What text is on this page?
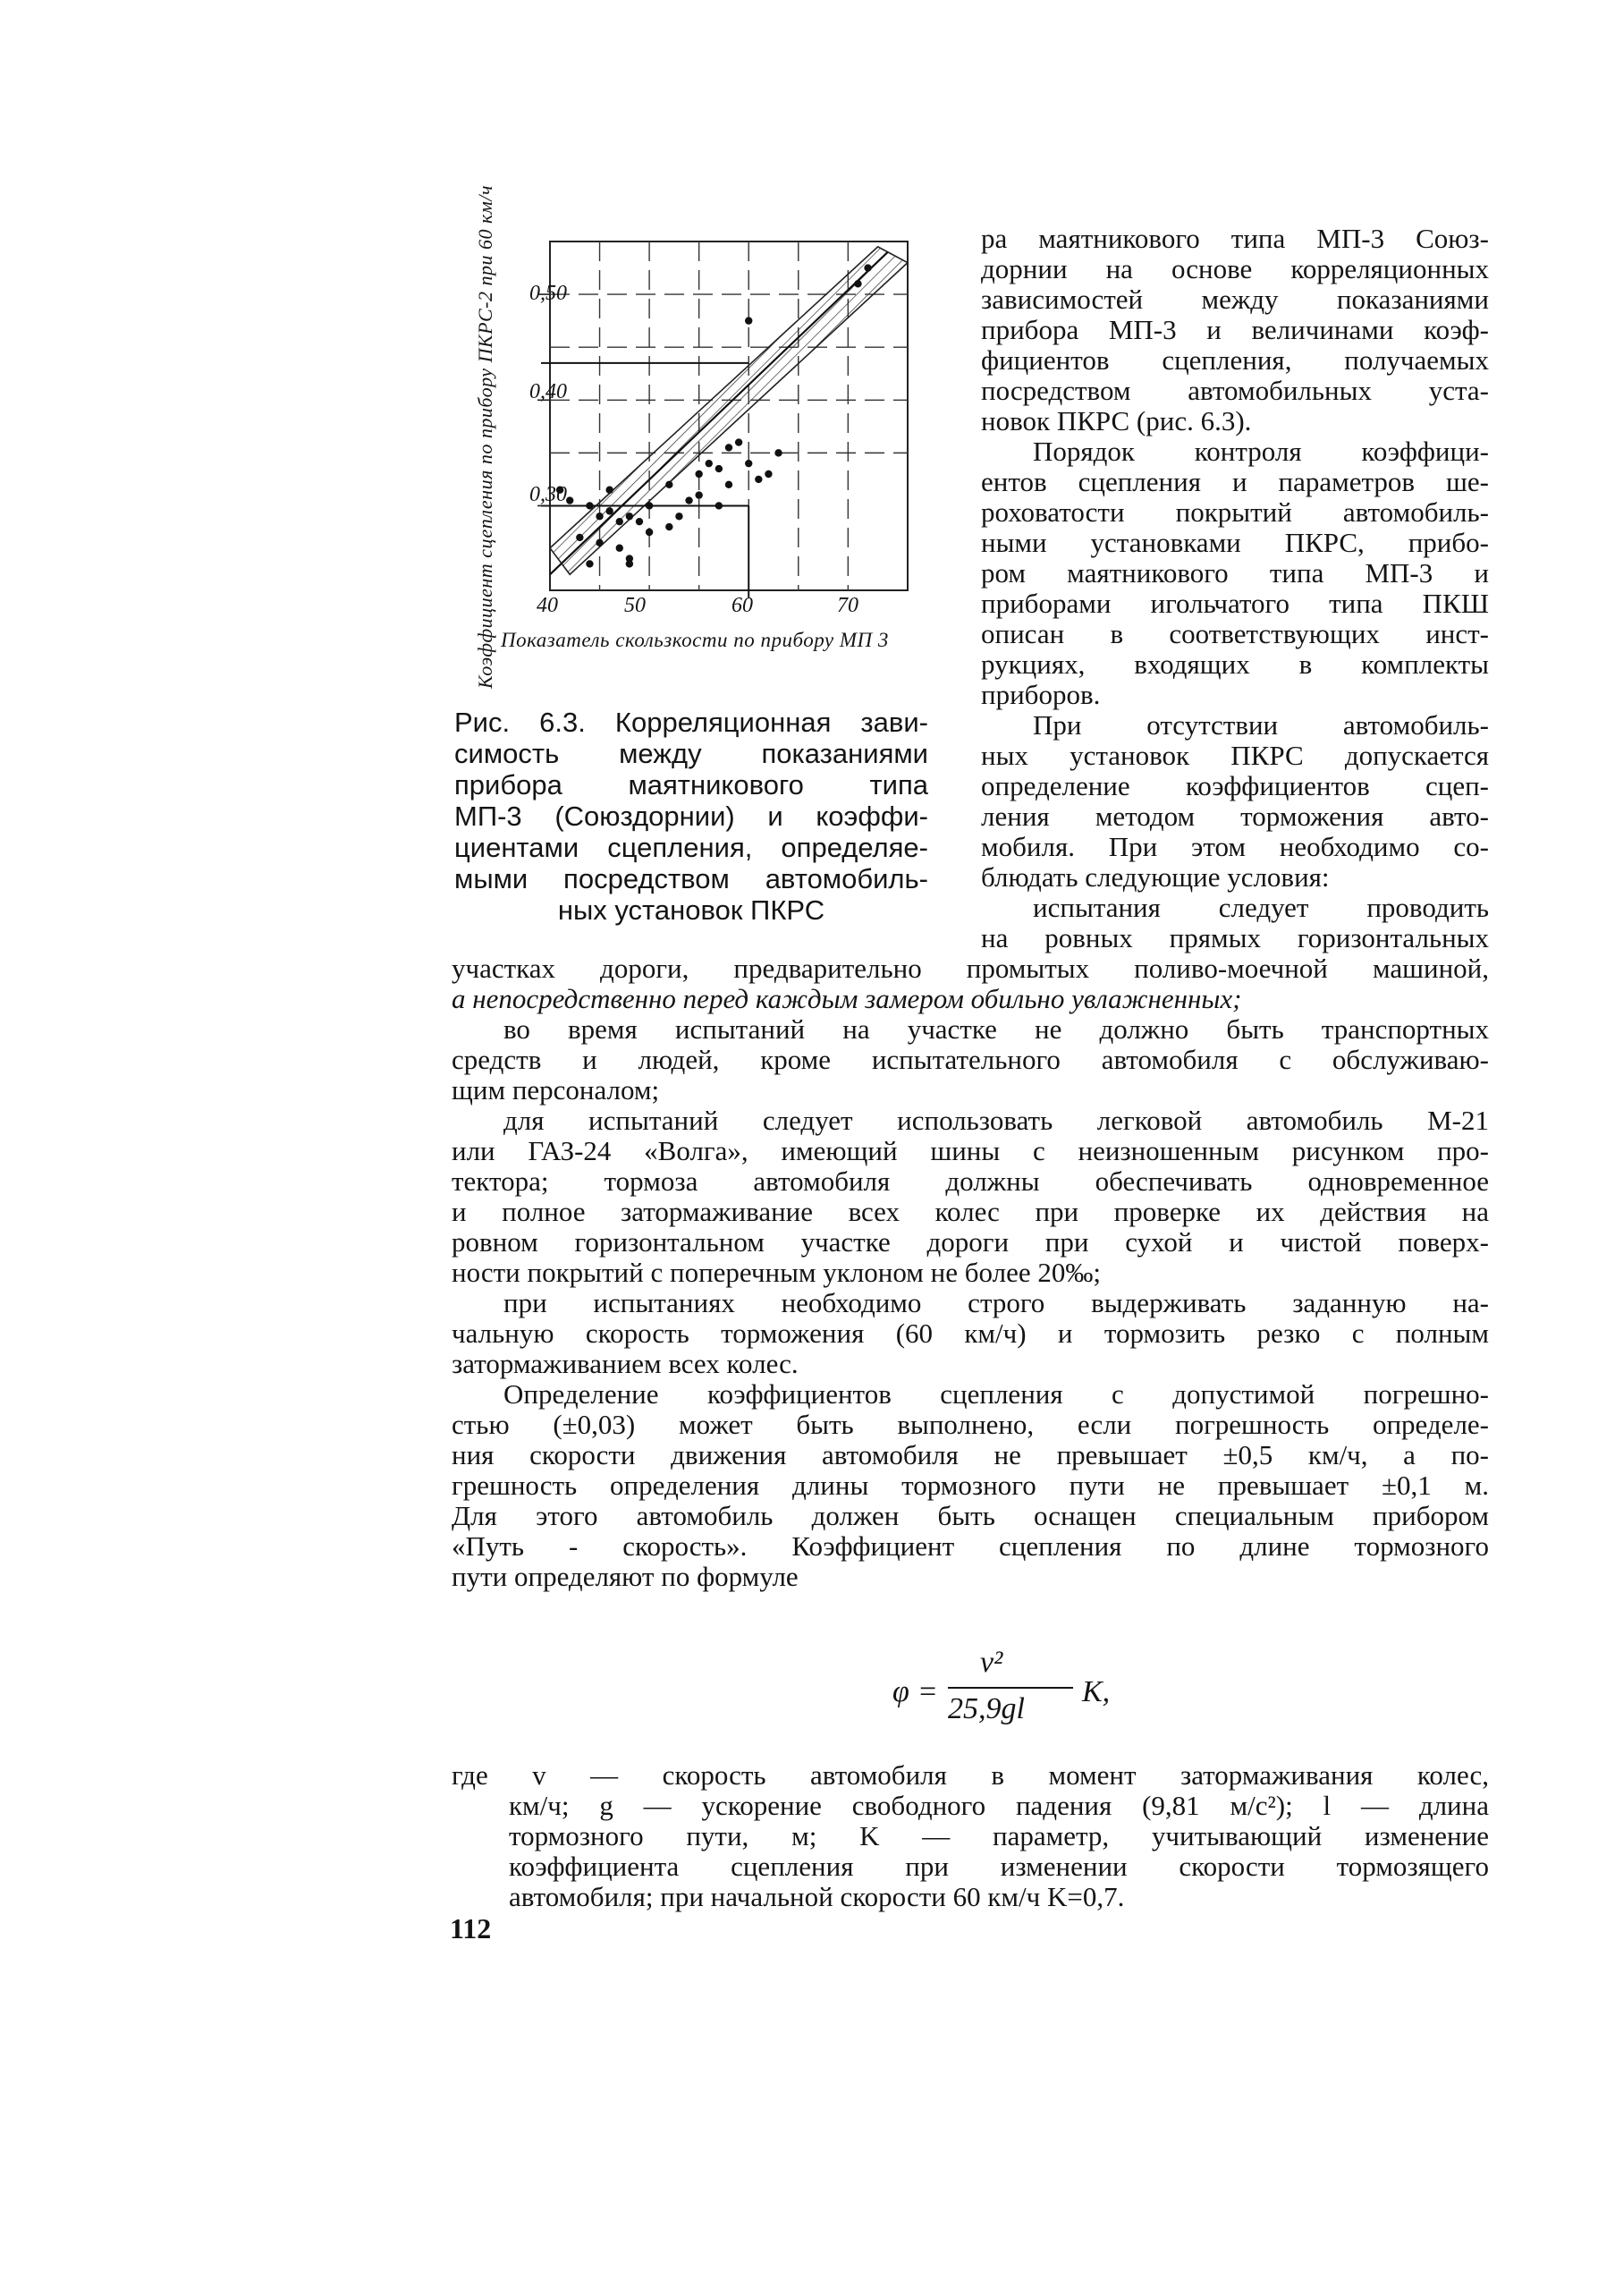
Коэффициент сцепления по прибору ПКРС-2 при 60 км/ч	0,50
0,40
0,30
40	50	60	70
Показатель скользкости по прибору МП 3
Рис. 6.3. Корреляционная зави-
симость между показаниями
прибора маятникового типа
МП-3 (Союздорнии) и коэффи-
циентами сцепления, определяе-
мыми посредством автомобиль-
ных установок ПКРС
ра маятникового типа МП-3 Союз-
дорнии на основе корреляционных
зависимостей между показаниями
прибора МП-3 и величинами коэф-
фициентов сцепления, получаемых
посредством автомобильных уста-
новок ПКРС (рис. 6.3).
Порядок контроля коэффици-
ентов сцепления и параметров ше-
роховатости покрытий автомобиль-
ными установками ПКРС, прибо-
ром маятникового типа МП-3 и
приборами игольчатого типа ПКШ
описан в соответствующих инст-
рукциях, входящих в комплекты
приборов.
При отсутствии автомобиль-
ных установок ПКРС допускается
определение коэффициентов сцеп-
ления методом торможения авто-
мобиля. При этом необходимо со-
блюдать следующие условия:
испытания следует проводить
на ровных прямых горизонтальных
участках дороги, предварительно промытых поливо-моечной машиной,
а непосредственно перед каждым замером обильно увлажненных;
во время испытаний на участке не должно быть транспортных
средств и людей, кроме испытательного автомобиля с обслуживаю-
щим персоналом;
для испытаний следует использовать легковой автомобиль М-21
или ГАЗ-24 «Волга», имеющий шины с неизношенным рисунком про-
тектора; тормоза автомобиля должны обеспечивать одновременное
и полное затормаживание всех колес при проверке их действия на
ровном горизонтальном участке дороги при сухой и чистой поверх-
ности покрытий с поперечным уклоном не более 20‰;
при испытаниях необходимо строго выдерживать заданную на-
чальную скорость торможения (60 км/ч) и тормозить резко с полным
затормаживанием всех колес.
Определение коэффициентов сцепления с допустимой погрешно-
стью (±0,03) может быть выполнено, если погрешность определе-
ния скорости движения автомобиля не превышает ±0,5 км/ч, а по-
грешность определения длины тормозного пути не превышает ±0,1 м.
Для этого автомобиль должен быть оснащен специальным прибором
«Путь - скорость». Коэффициент сцепления по длине тормозного
пути определяют по формуле
φ =
v²
25,9gl
K,
где v — скорость автомобиля в момент затормаживания колес,
км/ч; g — ускорение свободного падения (9,81 м/с²); l — длина
тормозного пути, м; K — параметр, учитывающий изменение
коэффициента сцепления при изменении скорости тормозящего
автомобиля; при начальной скорости 60 км/ч K=0,7.
112
